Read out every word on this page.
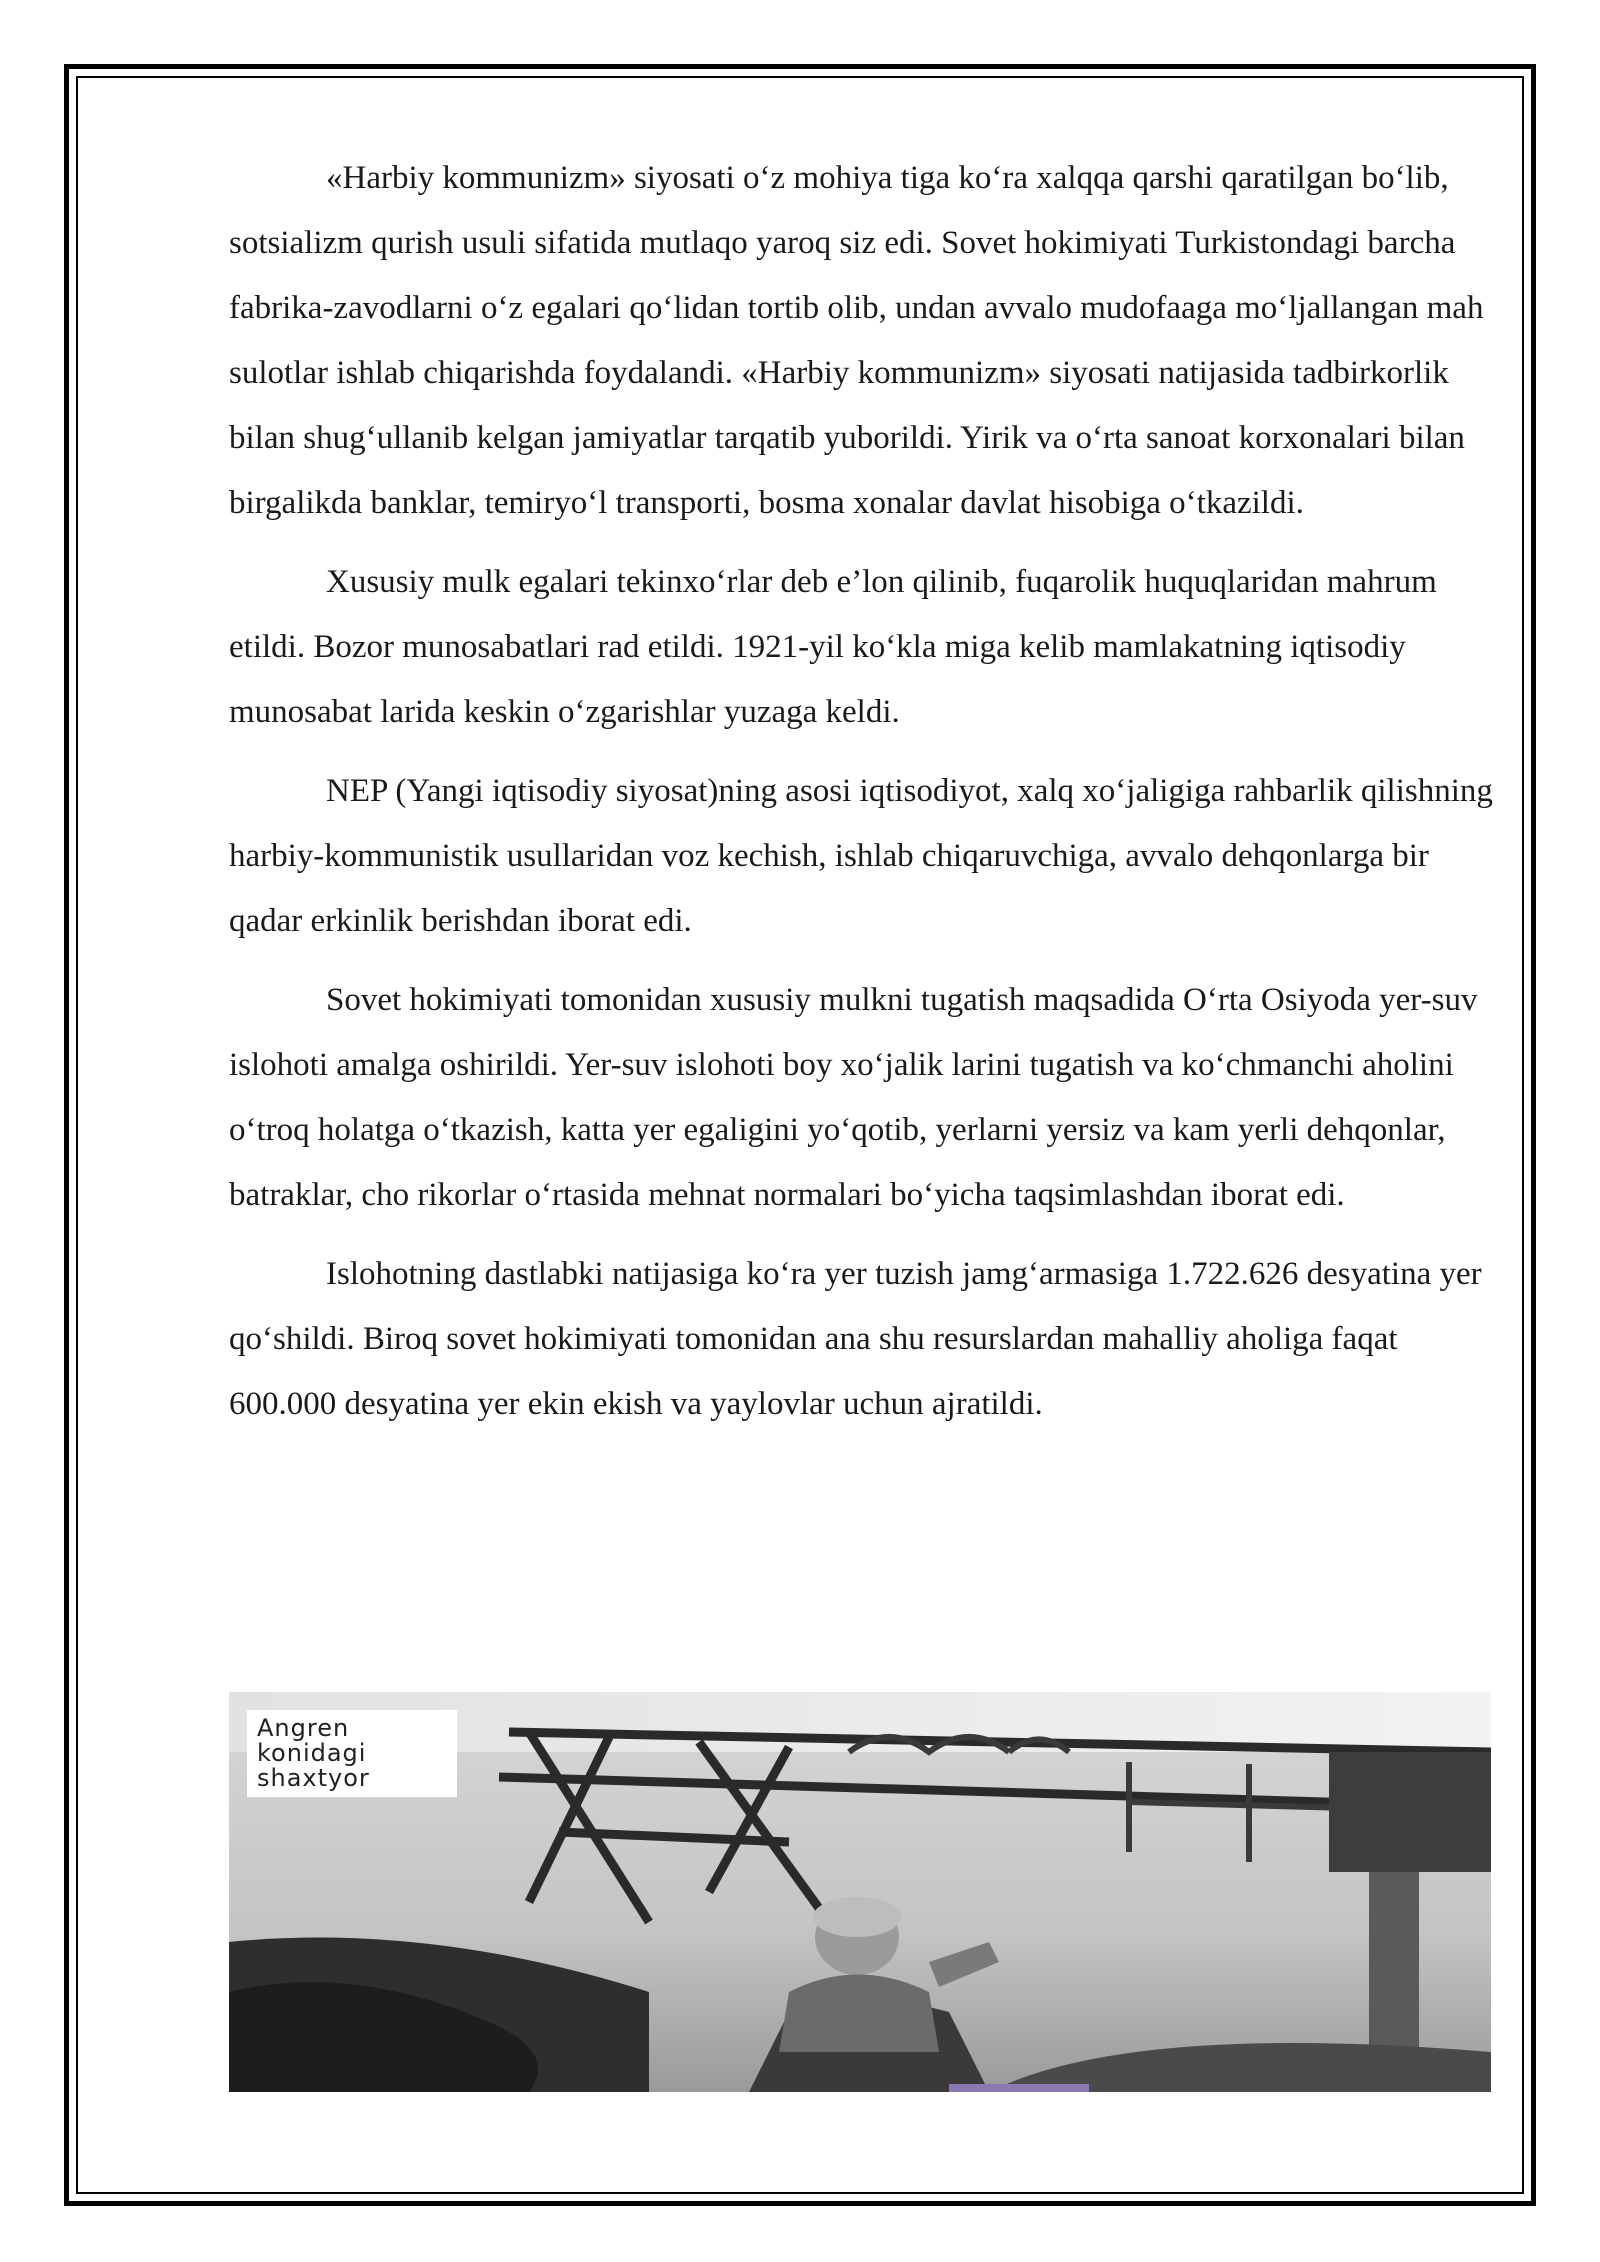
«Harbiy kommunizm» siyosati o‘z mohiya tiga ko‘ra xalqqa qarshi qaratilgan bo‘lib, sotsializm qurish usuli sifatida mutlaqo yaroq siz edi. Sovet hokimiyati Turkistondagi barcha fabrika-zavodlarni o‘z egalari qo‘lidan tortib olib, undan avvalo mudofaaga mo‘ljallangan mah sulotlar ishlab chiqarishda foydalandi. «Harbiy kommunizm» siyosati natijasida tadbirkorlik bilan shug‘ullanib kelgan jamiyatlar tarqatib yuborildi. Yirik va o‘rta sanoat korxonalari bilan birgalikda banklar, temiryo‘l transporti, bosma xonalar davlat hisobiga o‘tkazildi.

Xususiy mulk egalari tekinxo‘rlar deb e’lon qilinib, fuqarolik huquqlaridan mahrum etildi. Bozor munosabatlari rad etildi. 1921-yil ko‘kla miga kelib mamlakatning iqtisodiy munosabat larida keskin o‘zgarishlar yuzaga keldi.

NEP (Yangi iqtisodiy siyosat)ning asosi iqtisodiyot, xalq xo‘jaligiga rahbarlik qilishning harbiy-kommunistik usullaridan voz kechish, ishlab chiqaruvchiga, avvalo dehqonlarga bir qadar erkinlik berishdan iborat edi.

Sovet hokimiyati tomonidan xususiy mulkni tugatish maqsadida O‘rta Osiyoda yer-suv islohoti amalga oshirildi. Yer-suv islohoti boy xo‘jalik larini tugatish va ko‘chmanchi aholini o‘troq holatga o‘tkazish, katta yer egaligini yo‘qotib, yerlarni yersiz va kam yerli dehqonlar, batraklar, cho rikorlar o‘rtasida mehnat normalari bo‘yicha taqsimlashdan iborat edi.

Islohotning dastlabki natijasiga ko‘ra yer tuzish jamg‘armasiga 1.722.626 desyatina yer qo‘shildi. Biroq sovet hokimiyati tomonidan ana shu resurslardan mahalliy aholiga faqat 600.000 desyatina yer ekin ekish va yaylovlar uchun ajratildi.

Angren
konidagi
shaxtyor
